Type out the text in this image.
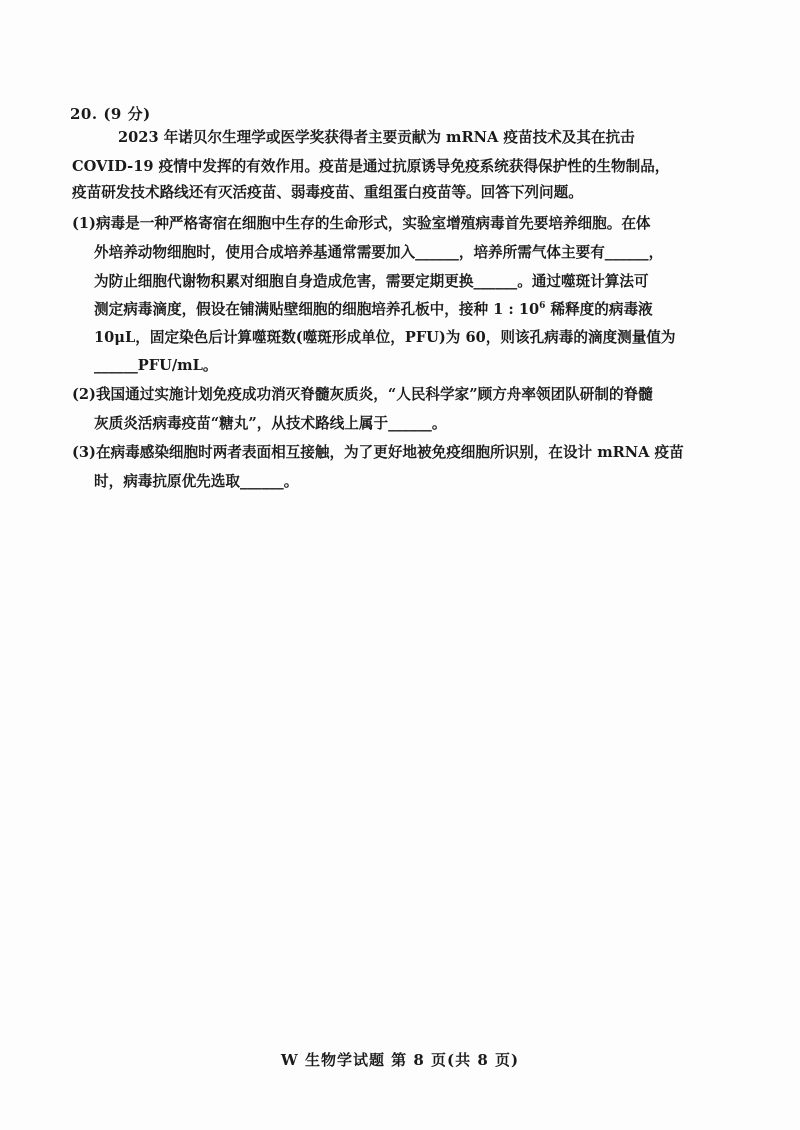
20. (9 分)
2023 年诺贝尔生理学或医学奖获得者主要贡献为 mRNA 疫苗技术及其在抗击
COVID-19 疫情中发挥的有效作用。疫苗是通过抗原诱导免疫系统获得保护性的生物制品，
疫苗研发技术路线还有灭活疫苗、弱毒疫苗、重组蛋白疫苗等。回答下列问题。
(1)病毒是一种严格寄宿在细胞中生存的生命形式，实验室增殖病毒首先要培养细胞。在体
外培养动物细胞时，使用合成培养基通常需要加入______，培养所需气体主要有______，
为防止细胞代谢物积累对细胞自身造成危害，需要定期更换______。通过噬斑计算法可
测定病毒滴度，假设在铺满贴壁细胞的细胞培养孔板中，接种 1 : $10^6$ 稀释度的病毒液
10μL，固定染色后计算噬斑数(噬斑形成单位，PFU)为 60，则该孔病毒的滴度测量值为
______PFU/mL。
(2)我国通过实施计划免疫成功消灭脊髓灰质炎，“人民科学家”顾方舟率领团队研制的脊髓
灰质炎活病毒疫苗“糖丸”，从技术路线上属于______。
(3)在病毒感染细胞时两者表面相互接触，为了更好地被免疫细胞所识别，在设计 mRNA 疫苗
时，病毒抗原优先选取______。
W 生物学试题 第 8 页(共 8 页)
